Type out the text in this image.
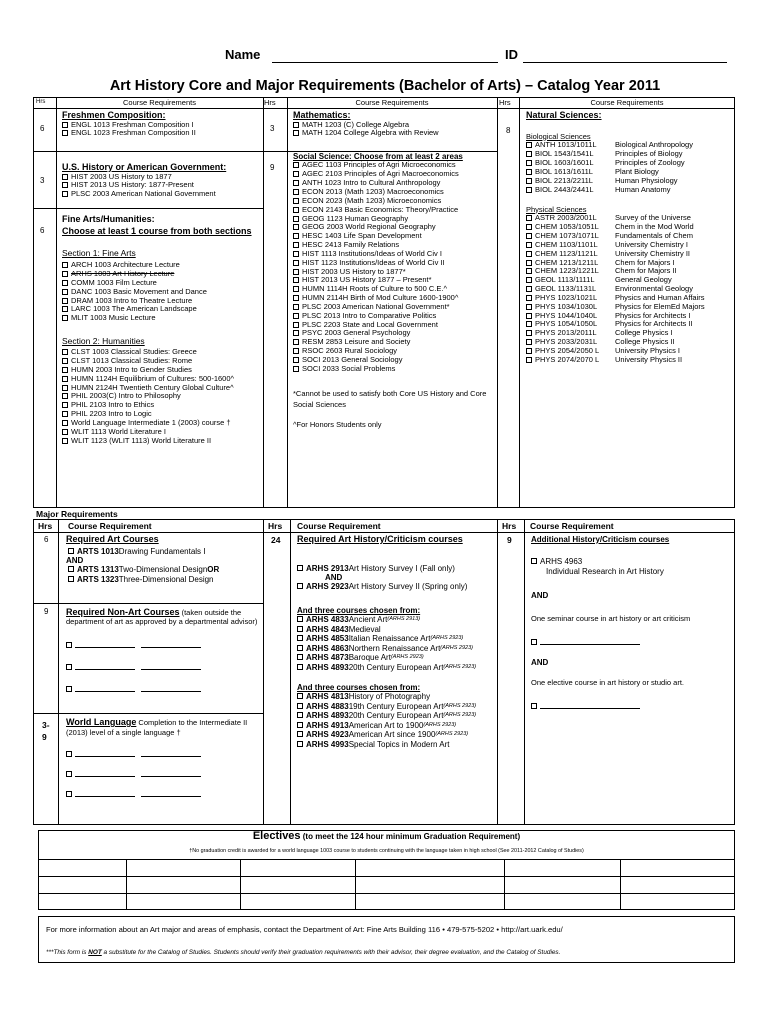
Name	ID
Art History Core and Major Requirements (Bachelor of Arts) – Catalog Year 2011
Hrs	Course Requirements	Hrs	Course Requirements	Hrs	Course Requirements
6
Freshmen Composition:
ENGL 1013 Freshman Composition I
ENGL 1023 Freshman Composition II
3
U.S. History or American Government:
HIST 2003 US History to 1877
HIST 2013 US History: 1877-Present
PLSC 2003 American National Government
6
Fine Arts/Humanities:
Choose at least 1 course from both sections
Section 1: Fine Arts
ARCH 1003 Architecture Lecture
ARHS 1003 Art History Lecture
COMM 1003 Film Lecture
DANC 1003 Basic Movement and Dance
DRAM 1003 Intro to Theatre Lecture
LARC 1003 The American Landscape
MLIT 1003 Music Lecture
Section 2: Humanities
CLST 1003 Classical Studies: Greece
CLST 1013 Classical Studies: Rome
HUMN 2003 Intro to Gender Studies
HUMN 1124H Equilibrium of Cultures: 500-1600^
HUMN 2124H Twentieth Century Global Culture^
PHIL 2003(C) Intro to Philosophy
PHIL 2103 Intro to Ethics
PHIL 2203 Intro to Logic
World Language Intermediate 1 (2003) course †
WLIT 1113 World Literature I
WLIT 1123 (WLIT 1113) World Literature II
3
Mathematics:
MATH 1203 (C) College Algebra
MATH 1204 College Algebra with Review
9
Social Science: Choose from at least 2 areas
AGEC 1103 Principles of Agri Microeconomics
AGEC 2103 Principles of Agri Macroeconomics
ANTH 1023 Intro to Cultural Anthropology
ECON 2013 (Math 1203) Macroeconomics
ECON 2023 (Math 1203) Microeconomics
ECON 2143 Basic Economics: Theory/Practice
GEOG 1123 Human Geography
GEOG 2003 World Regional Geography
HESC 1403 Life Span Development
HESC 2413 Family Relations
HIST 1113 Institutions/Ideas of World Civ I
HIST 1123 Institutions/Ideas of World Civ II
HIST 2003 US History to 1877*
HIST 2013 US History 1877 – Present*
HUMN 1114H Roots of Culture to 500 C.E.^
HUMN 2114H Birth of Mod Culture 1600-1900^
PLSC 2003 American National Government*
PLSC 2013 Intro to Comparative Politics
PLSC 2203 State and Local Government
PSYC 2003 General Psychology
RESM 2853 Leisure and Society
RSOC 2603 Rural Sociology
SOCI 2013 General Sociology
SOCI 2033 Social Problems
*Cannot be used to satisfy both Core US History and Core Social Sciences
^For Honors Students only
8
Natural Sciences:
Biological Sciences
ANTH 1013/1011L	Biological Anthropology
BIOL 1543/1541L	Principles of Biology
BIOL 1603/1601L	Principles of Zoology
BIOL 1613/1611L	Plant Biology
BIOL 2213/2211L	Human Physiology
BIOL 2443/2441L	Human Anatomy
Physical Sciences
ASTR 2003/2001L	Survey of the Universe
CHEM 1053/1051L	Chem in the Mod World
CHEM 1073/1071L	Fundamentals of Chem
CHEM 1103/1101L	University Chemistry I
CHEM 1123/1121L	University Chemistry II
CHEM 1213/1211L	Chem for Majors I
CHEM 1223/1221L	Chem for Majors II
GEOL 1113/1111L	General Geology
GEOL 1133/1131L	Environmental Geology
PHYS 1023/1021L	Physics and Human Affairs
PHYS 1034/1030L	Physics for ElemEd Majors
PHYS 1044/1040L	Physics for Architects I
PHYS 1054/1050L	Physics for Architects II
PHYS 2013/2011L	College Physics I
PHYS 2033/2031L	College Physics II
PHYS 2054/2050 L	University Physics I
PHYS 2074/2070 L	University Physics II
Major Requirements
Hrs Course Requirement	Hrs Course Requirement	Hrs Course Requirement
6 Required Art Courses
ARTS 1013 Drawing Fundamentals I
AND
ARTS 1313 Two-Dimensional Design OR
ARTS 1323 Three-Dimensional Design
9 Required Non-Art Courses (taken outside the
department of art as approved by a departmental advisor)
3-
9
World Language Completion to the Intermediate II (2013) level of a single language †
24 Required Art History/Criticism courses
ARHS 2913 Art History Survey I (Fall only)
AND
ARHS 2923 Art History Survey II (Spring only)
And three courses chosen from:
ARHS 4833 Ancient Art (ARHS 2913)
ARHS 4843 Medieval
ARHS 4853 Italian Renaissance Art (ARHS 2923)
ARHS 4863 Northern Renaissance Art (ARHS 2923)
ARHS 4873 Baroque Art (ARHS 2923)
ARHS 4893 20th Century European Art (ARHS 2923)
And three courses chosen from:
ARHS 4813 History of Photography
ARHS 4883 19th Century European Art (ARHS 2923)
ARHS 4893 20th Century European Art (ARHS 2923)
ARHS 4913 American Art to 1900 (ARHS 2923)
ARHS 4923 American Art since 1900 (ARHS 2923)
ARHS 4993 Special Topics in Modern Art
9 Additional History/Criticism courses
ARHS 4963
Individual Research in Art History
AND
One seminar course in art history or art criticism
AND
One elective course in art history or studio art.
Electives (to meet the 124 hour minimum Graduation Requirement)
†No graduation credit is awarded for a world language 1003 course to students continuing with the language taken in high school (See 2011-2012 Catalog of Studies)
For more information about an Art major and areas of emphasis, contact the Department of Art: Fine Arts Building 116 • 479-575-5202 • http://art.uark.edu/
***This form is NOT a substitute for the Catalog of Studies. Students should verify their graduation requirements with their advisor, their degree evaluation, and the Catalog of Studies.
